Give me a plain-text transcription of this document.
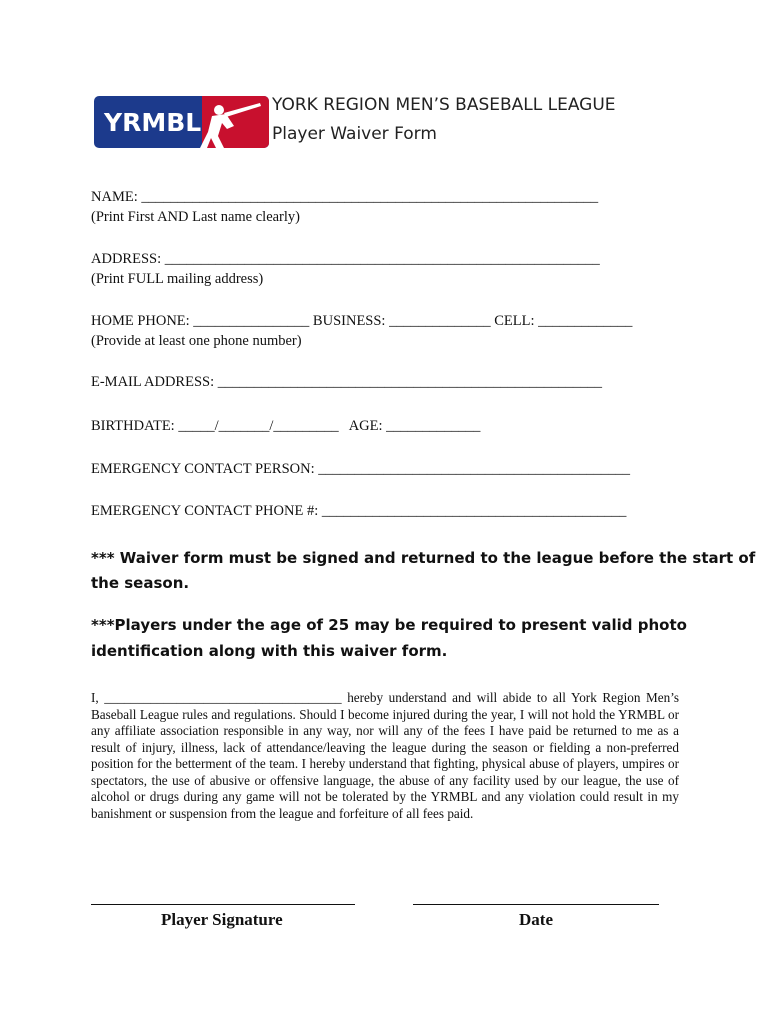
YRMBL
YORK REGION MEN’S BASEBALL LEAGUE
Player Waiver Form
NAME: _______________________________________________________________
(Print First AND Last name clearly)
ADDRESS: ____________________________________________________________
(Print FULL mailing address)
HOME PHONE: ________________ BUSINESS: ______________ CELL: _____________
(Provide at least one phone number)
E-MAIL ADDRESS: _____________________________________________________
BIRTHDATE: _____/_______/_________   AGE: _____________
EMERGENCY CONTACT PERSON: ___________________________________________
EMERGENCY CONTACT PHONE #: __________________________________________
*** Waiver form must be signed and returned to the league before the start of
the season.
***Players under the age of 25 may be required to present valid photo
identification along with this waiver form.
I, ____________________________________ hereby understand and will abide to all York Region Men’s Baseball League rules and regulations. Should I become injured during the year, I will not hold the YRMBL or any affiliate association responsible in any way, nor will any of the fees I have paid be returned to me as a result of injury, illness, lack of attendance/leaving the league during the season or fielding a non-preferred position for the betterment of the team. I hereby understand that fighting, physical abuse of players, umpires or spectators, the use of abusive or offensive language, the abuse of any facility used by our league, the use of alcohol or drugs during any game will not be tolerated by the YRMBL and any violation could result in my banishment or suspension from the league and forfeiture of all fees paid.
Player Signature	Date
